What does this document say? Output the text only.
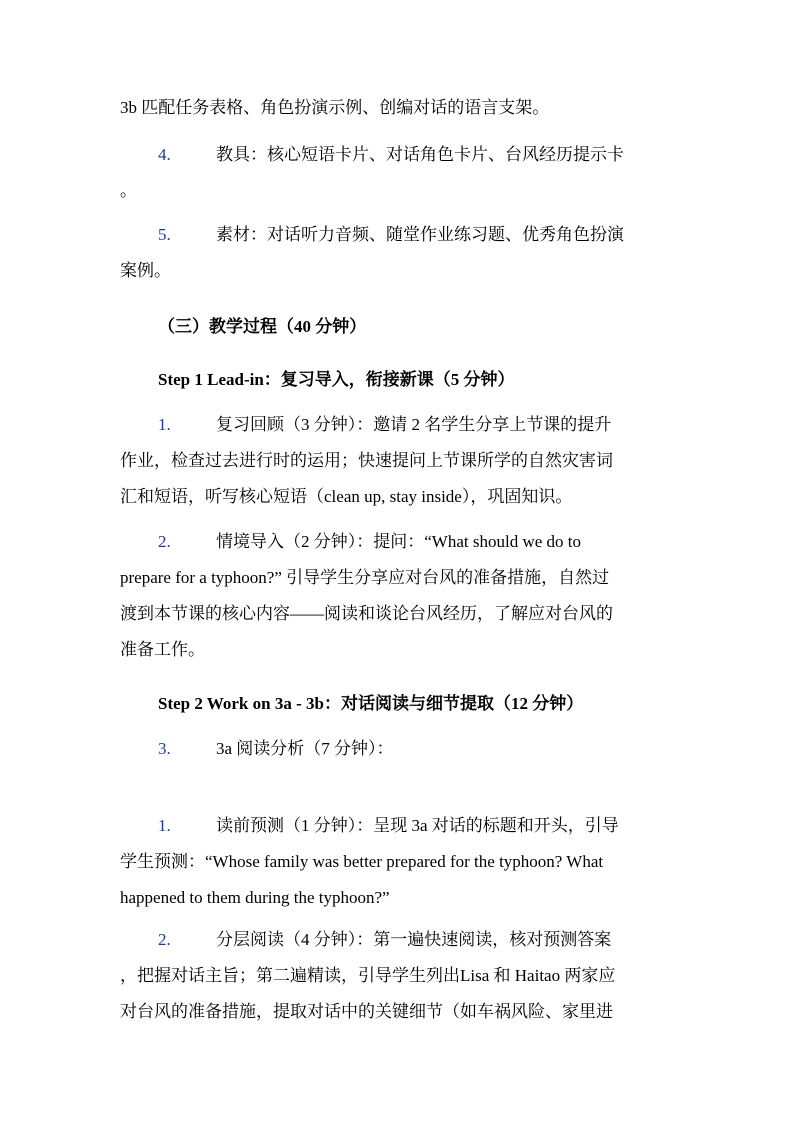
3b 匹配任务表格、角色扮演示例、创编对话的语言支架。
4.	教具：核心短语卡片、对话角色卡片、台风经历提示卡
。
5.	素材：对话听力音频、随堂作业练习题、优秀角色扮演
案例。
（三）教学过程（40 分钟）
Step 1 Lead-in：复习导入，衔接新课（5 分钟）
1.	复习回顾（3 分钟）：邀请 2 名学生分享上节课的提升
作业，检查过去进行时的运用；快速提问上节课所学的自然灾害词
汇和短语，听写核心短语（clean up, stay inside），巩固知识。
2.	情境导入（2 分钟）：提问：“What should we do to
prepare for a typhoon?” 引导学生分享应对台风的准备措施，自然过
渡到本节课的核心内容——阅读和谈论台风经历，了解应对台风的
准备工作。
Step 2 Work on 3a - 3b：对话阅读与细节提取（12 分钟）
3.	3a 阅读分析（7 分钟）：
1.	读前预测（1 分钟）：呈现 3a 对话的标题和开头，引导
学生预测：“Whose family was better prepared for the typhoon? What
happened to them during the typhoon?”
2.	分层阅读（4 分钟）：第一遍快速阅读，核对预测答案
，把握对话主旨；第二遍精读，引导学生列出Lisa 和 Haitao 两家应
对台风的准备措施，提取对话中的关键细节（如车祸风险、家里进
